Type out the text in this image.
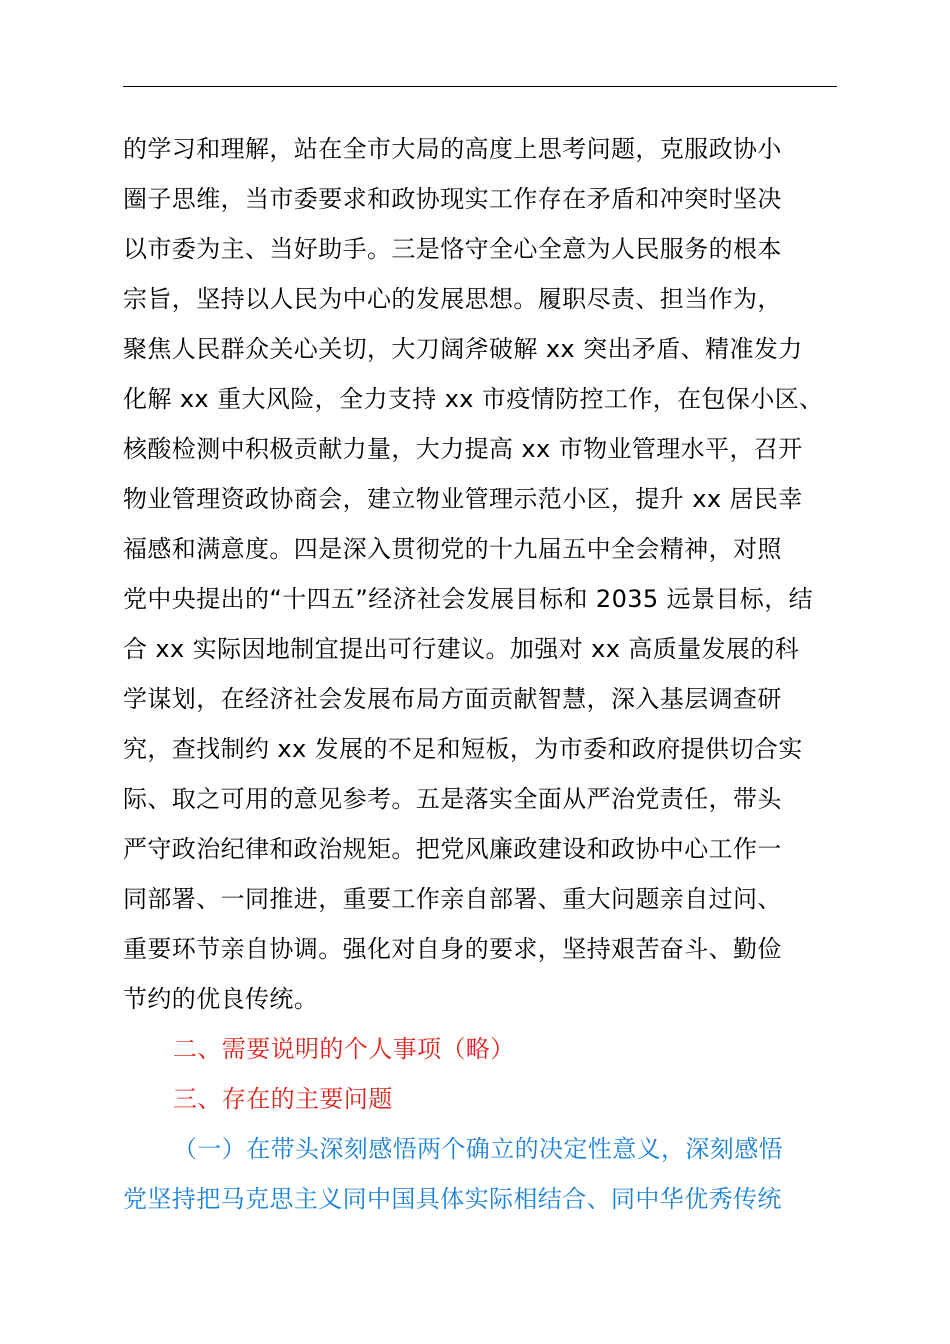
的学习和理解，站在全市大局的高度上思考问题，克服政协小
圈子思维，当市委要求和政协现实工作存在矛盾和冲突时坚决
以市委为主、当好助手。三是恪守全心全意为人民服务的根本
宗旨，坚持以人民为中心的发展思想。履职尽责、担当作为，
聚焦人民群众关心关切，大刀阔斧破解 xx 突出矛盾、精准发力
化解 xx 重大风险，全力支持 xx 市疫情防控工作，在包保小区、
核酸检测中积极贡献力量，大力提高 xx 市物业管理水平，召开
物业管理资政协商会，建立物业管理示范小区，提升 xx 居民幸
福感和满意度。四是深入贯彻党的十九届五中全会精神，对照
党中央提出的“十四五”经济社会发展目标和 2035 远景目标，结
合 xx 实际因地制宜提出可行建议。加强对 xx 高质量发展的科
学谋划，在经济社会发展布局方面贡献智慧，深入基层调查研
究，查找制约 xx 发展的不足和短板，为市委和政府提供切合实
际、取之可用的意见参考。五是落实全面从严治党责任，带头
严守政治纪律和政治规矩。把党风廉政建设和政协中心工作一
同部署、一同推进，重要工作亲自部署、重大问题亲自过问、
重要环节亲自协调。强化对自身的要求，坚持艰苦奋斗、勤俭
节约的优良传统。
二、需要说明的个人事项（略）
三、存在的主要问题
（一）在带头深刻感悟两个确立的决定性意义，深刻感悟
党坚持把马克思主义同中国具体实际相结合、同中华优秀传统
